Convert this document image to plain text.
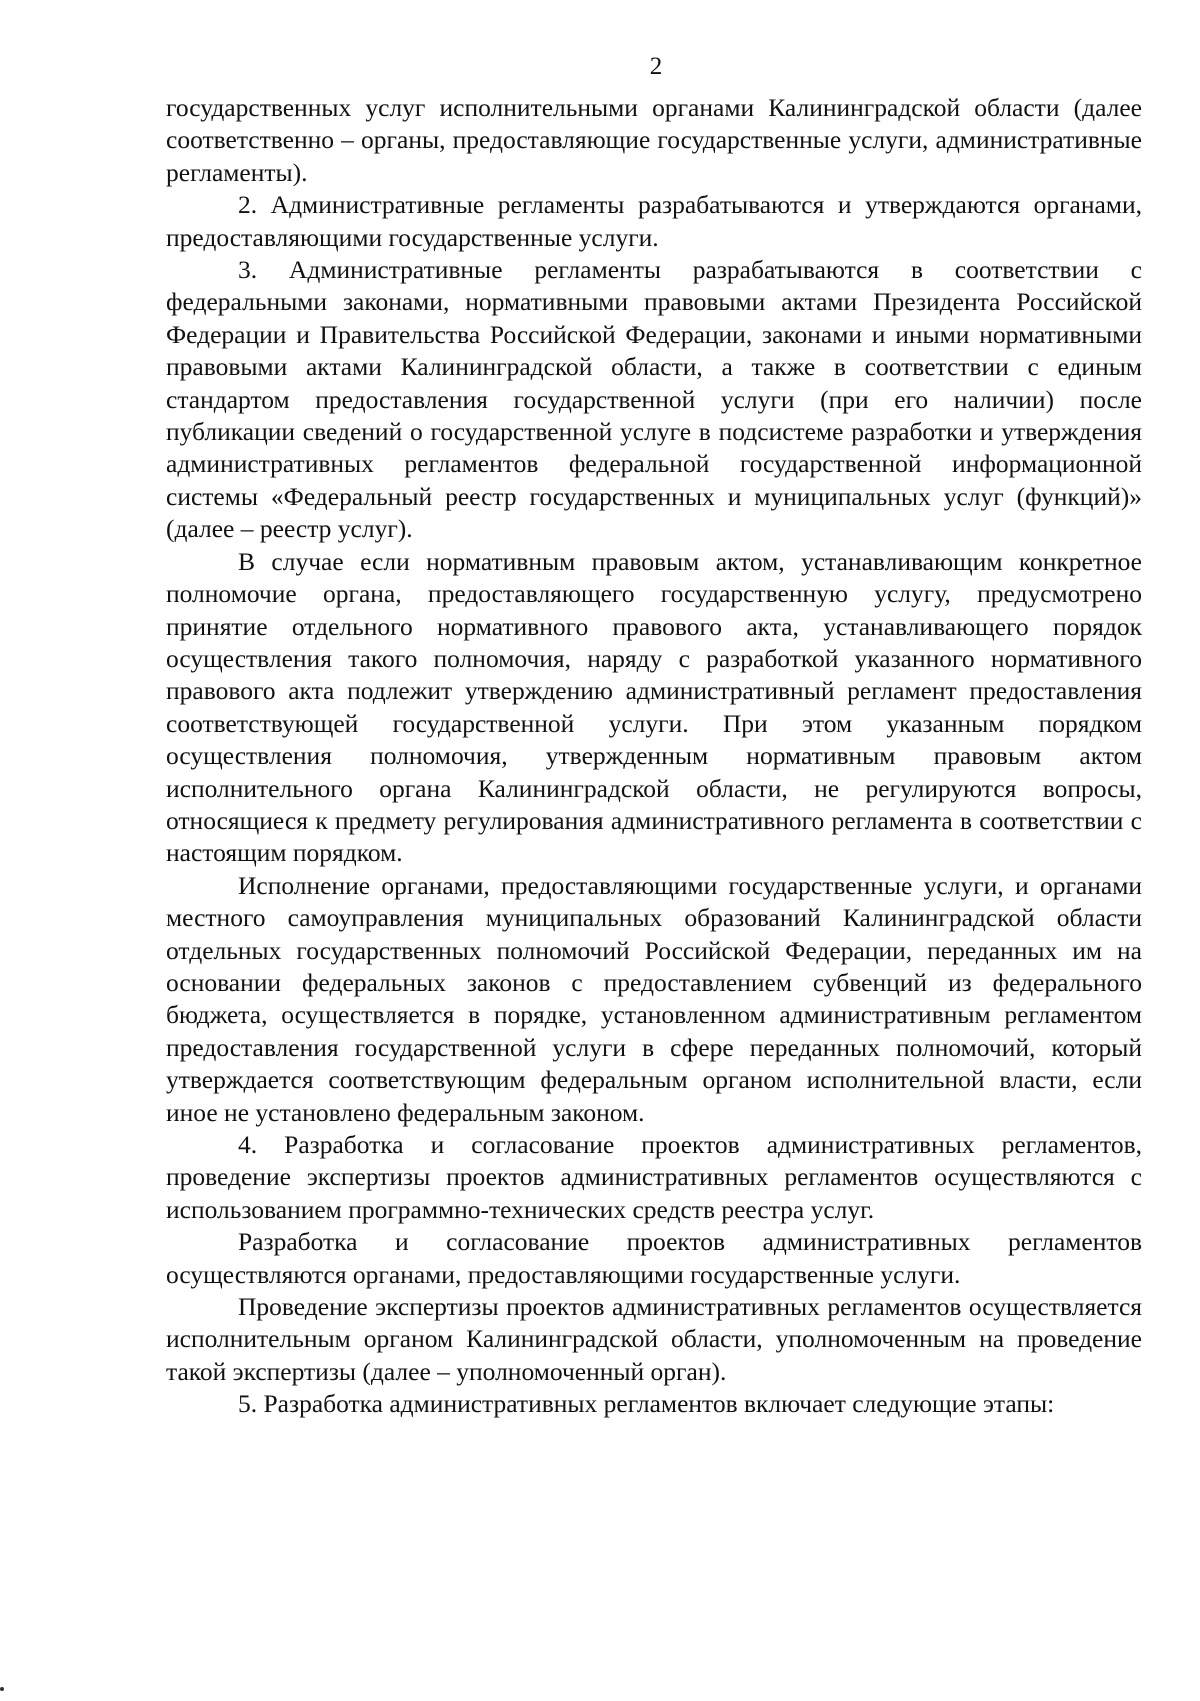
2

государственных услуг исполнительными органами Калининградской области (далее соответственно – органы, предоставляющие государственные услуги, административные регламенты).

2. Административные регламенты разрабатываются и утверждаются органами, предоставляющими государственные услуги.

3. Административные регламенты разрабатываются в соответствии с федеральными законами, нормативными правовыми актами Президента Российской Федерации и Правительства Российской Федерации, законами и иными нормативными правовыми актами Калининградской области, а также в соответствии с единым стандартом предоставления государственной услуги (при его наличии) после публикации сведений о государственной услуге в подсистеме разработки и утверждения административных регламентов федеральной государственной информационной системы «Федеральный реестр государственных и муниципальных услуг (функций)» (далее – реестр услуг).

В случае если нормативным правовым актом, устанавливающим конкретное полномочие органа, предоставляющего государственную услугу, предусмотрено принятие отдельного нормативного правового акта, устанавливающего порядок осуществления такого полномочия, наряду с разработкой указанного нормативного правового акта подлежит утверждению административный регламент предоставления соответствующей государственной услуги. При этом указанным порядком осуществления полномочия, утвержденным нормативным правовым актом исполнительного органа Калининградской области, не регулируются вопросы, относящиеся к предмету регулирования административного регламента в соответствии с настоящим порядком.

Исполнение органами, предоставляющими государственные услуги, и органами местного самоуправления муниципальных образований Калининградской области отдельных государственных полномочий Российской Федерации, переданных им на основании федеральных законов с предоставлением субвенций из федерального бюджета, осуществляется в порядке, установленном административным регламентом предоставления государственной услуги в сфере переданных полномочий, который утверждается соответствующим федеральным органом исполнительной власти, если иное не установлено федеральным законом.

4. Разработка и согласование проектов административных регламентов, проведение экспертизы проектов административных регламентов осуществляются с использованием программно-технических средств реестра услуг.

Разработка и согласование проектов административных регламентов осуществляются органами, предоставляющими государственные услуги.

Проведение экспертизы проектов административных регламентов осуществляется исполнительным органом Калининградской области, уполномоченным на проведение такой экспертизы (далее – уполномоченный орган).

5. Разработка административных регламентов включает следующие этапы:
